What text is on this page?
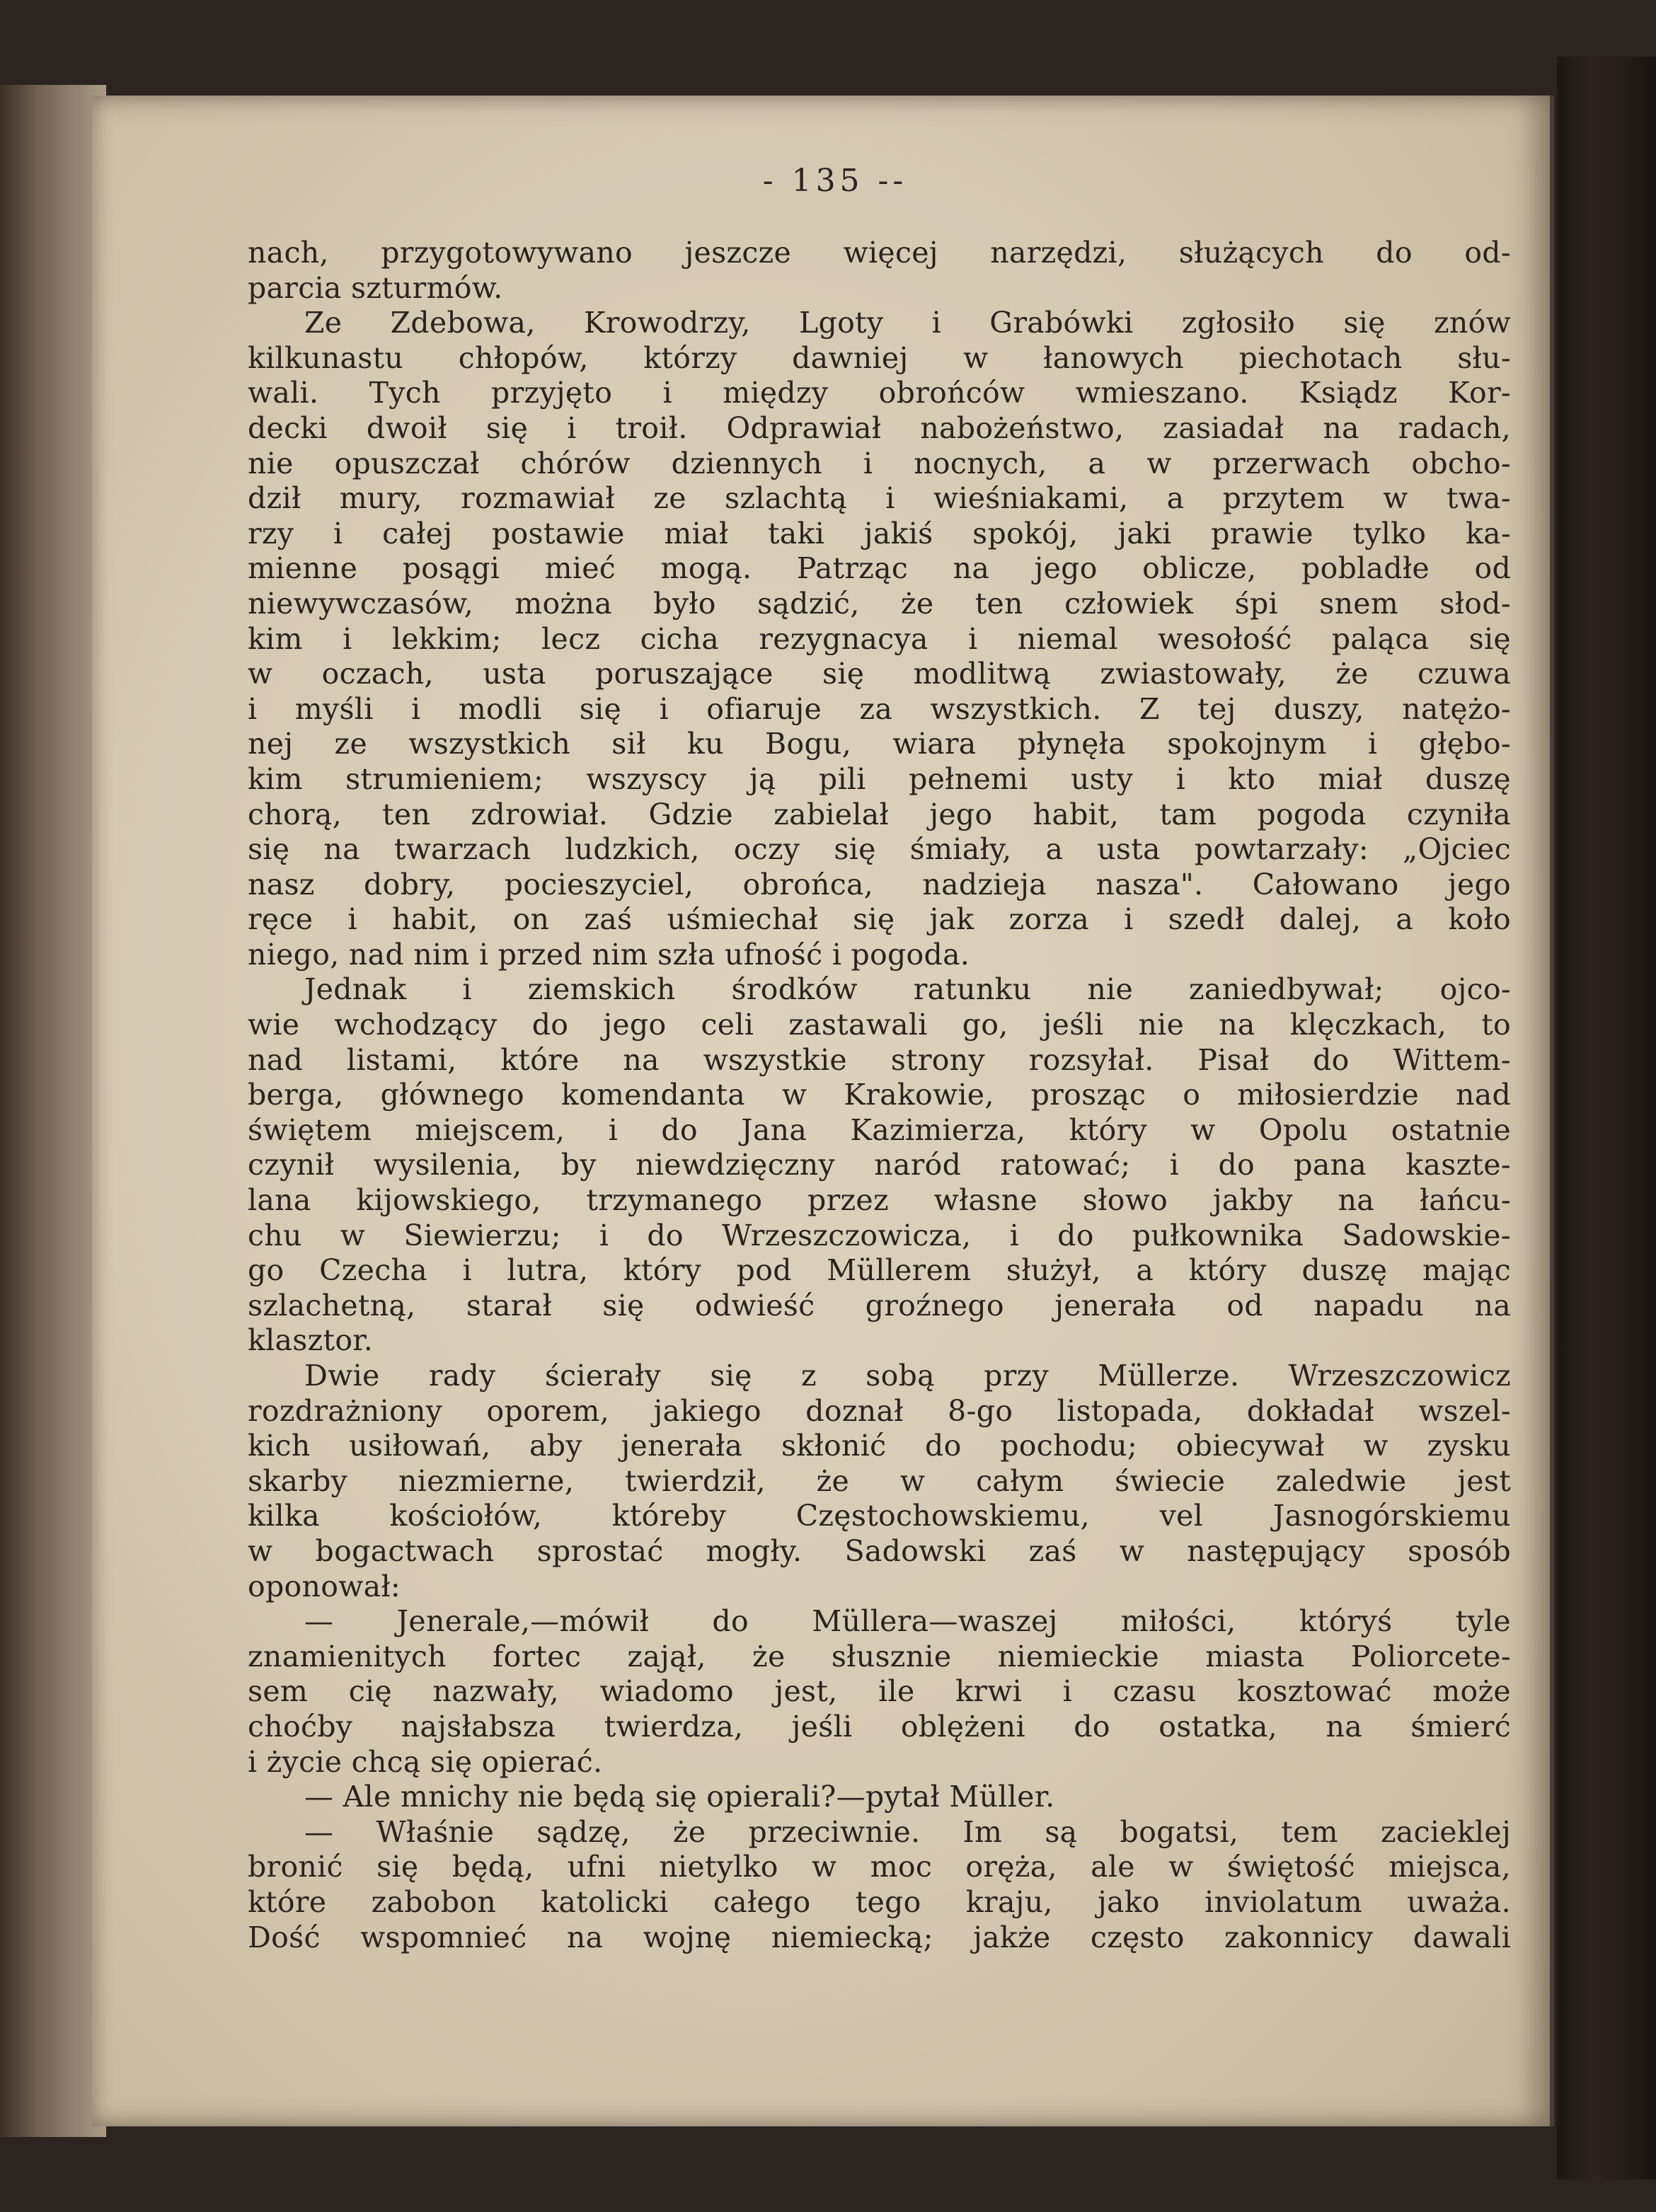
- 135 --
nach, przygotowywano jeszcze więcej narzędzi, służących do od-
parcia szturmów.
Ze Zdebowa, Krowodrzy, Lgoty i Grabówki zgłosiło się znów
kilkunastu chłopów, którzy dawniej w łanowych piechotach słu-
wali. Tych przyjęto i między obrońców wmieszano. Ksiądz Kor-
decki dwoił się i troił. Odprawiał nabożeństwo, zasiadał na radach,
nie opuszczał chórów dziennych i nocnych, a w przerwach obcho-
dził mury, rozmawiał ze szlachtą i wieśniakami, a przytem w twa-
rzy i całej postawie miał taki jakiś spokój, jaki prawie tylko ka-
mienne posągi mieć mogą. Patrząc na jego oblicze, pobladłe od
niewywczasów, można było sądzić, że ten człowiek śpi snem słod-
kim i lekkim; lecz cicha rezygnacya i niemal wesołość paląca się
w oczach, usta poruszające się modlitwą zwiastowały, że czuwa
i myśli i modli się i ofiaruje za wszystkich. Z tej duszy, natężo-
nej ze wszystkich sił ku Bogu, wiara płynęła spokojnym i głębo-
kim strumieniem; wszyscy ją pili pełnemi usty i kto miał duszę
chorą, ten zdrowiał. Gdzie zabielał jego habit, tam pogoda czyniła
się na twarzach ludzkich, oczy się śmiały, a usta powtarzały: „Ojciec
nasz dobry, pocieszyciel, obrońca, nadzieja nasza". Całowano jego
ręce i habit, on zaś uśmiechał się jak zorza i szedł dalej, a koło
niego, nad nim i przed nim szła ufność i pogoda.
Jednak i ziemskich środków ratunku nie zaniedbywał; ojco-
wie wchodzący do jego celi zastawali go, jeśli nie na klęczkach, to
nad listami, które na wszystkie strony rozsyłał. Pisał do Wittem-
berga, głównego komendanta w Krakowie, prosząc o miłosierdzie nad
świętem miejscem, i do Jana Kazimierza, który w Opolu ostatnie
czynił wysilenia, by niewdzięczny naród ratować; i do pana kaszte-
lana kijowskiego, trzymanego przez własne słowo jakby na łańcu-
chu w Siewierzu; i do Wrzeszczowicza, i do pułkownika Sadowskie-
go Czecha i lutra, który pod Müllerem służył, a który duszę mając
szlachetną, starał się odwieść groźnego jenerała od napadu na
klasztor.
Dwie rady ścierały się z sobą przy Müllerze. Wrzeszczowicz
rozdrażniony oporem, jakiego doznał 8-go listopada, dokładał wszel-
kich usiłowań, aby jenerała skłonić do pochodu; obiecywał w zysku
skarby niezmierne, twierdził, że w całym świecie zaledwie jest
kilka kościołów, któreby Częstochowskiemu, vel Jasnogórskiemu
w bogactwach sprostać mogły. Sadowski zaś w następujący sposób
oponował:
— Jenerale,—mówił do Müllera—waszej miłości, któryś tyle
znamienitych fortec zajął, że słusznie niemieckie miasta Poliorcete-
sem cię nazwały, wiadomo jest, ile krwi i czasu kosztować może
choćby najsłabsza twierdza, jeśli oblężeni do ostatka, na śmierć
i życie chcą się opierać.
— Ale mnichy nie będą się opierali?—pytał Müller.
— Właśnie sądzę, że przeciwnie. Im są bogatsi, tem zacieklej
bronić się będą, ufni nietylko w moc oręża, ale w świętość miejsca,
które zabobon katolicki całego tego kraju, jako inviolatum uważa.
Dość wspomnieć na wojnę niemiecką; jakże często zakonnicy dawali
